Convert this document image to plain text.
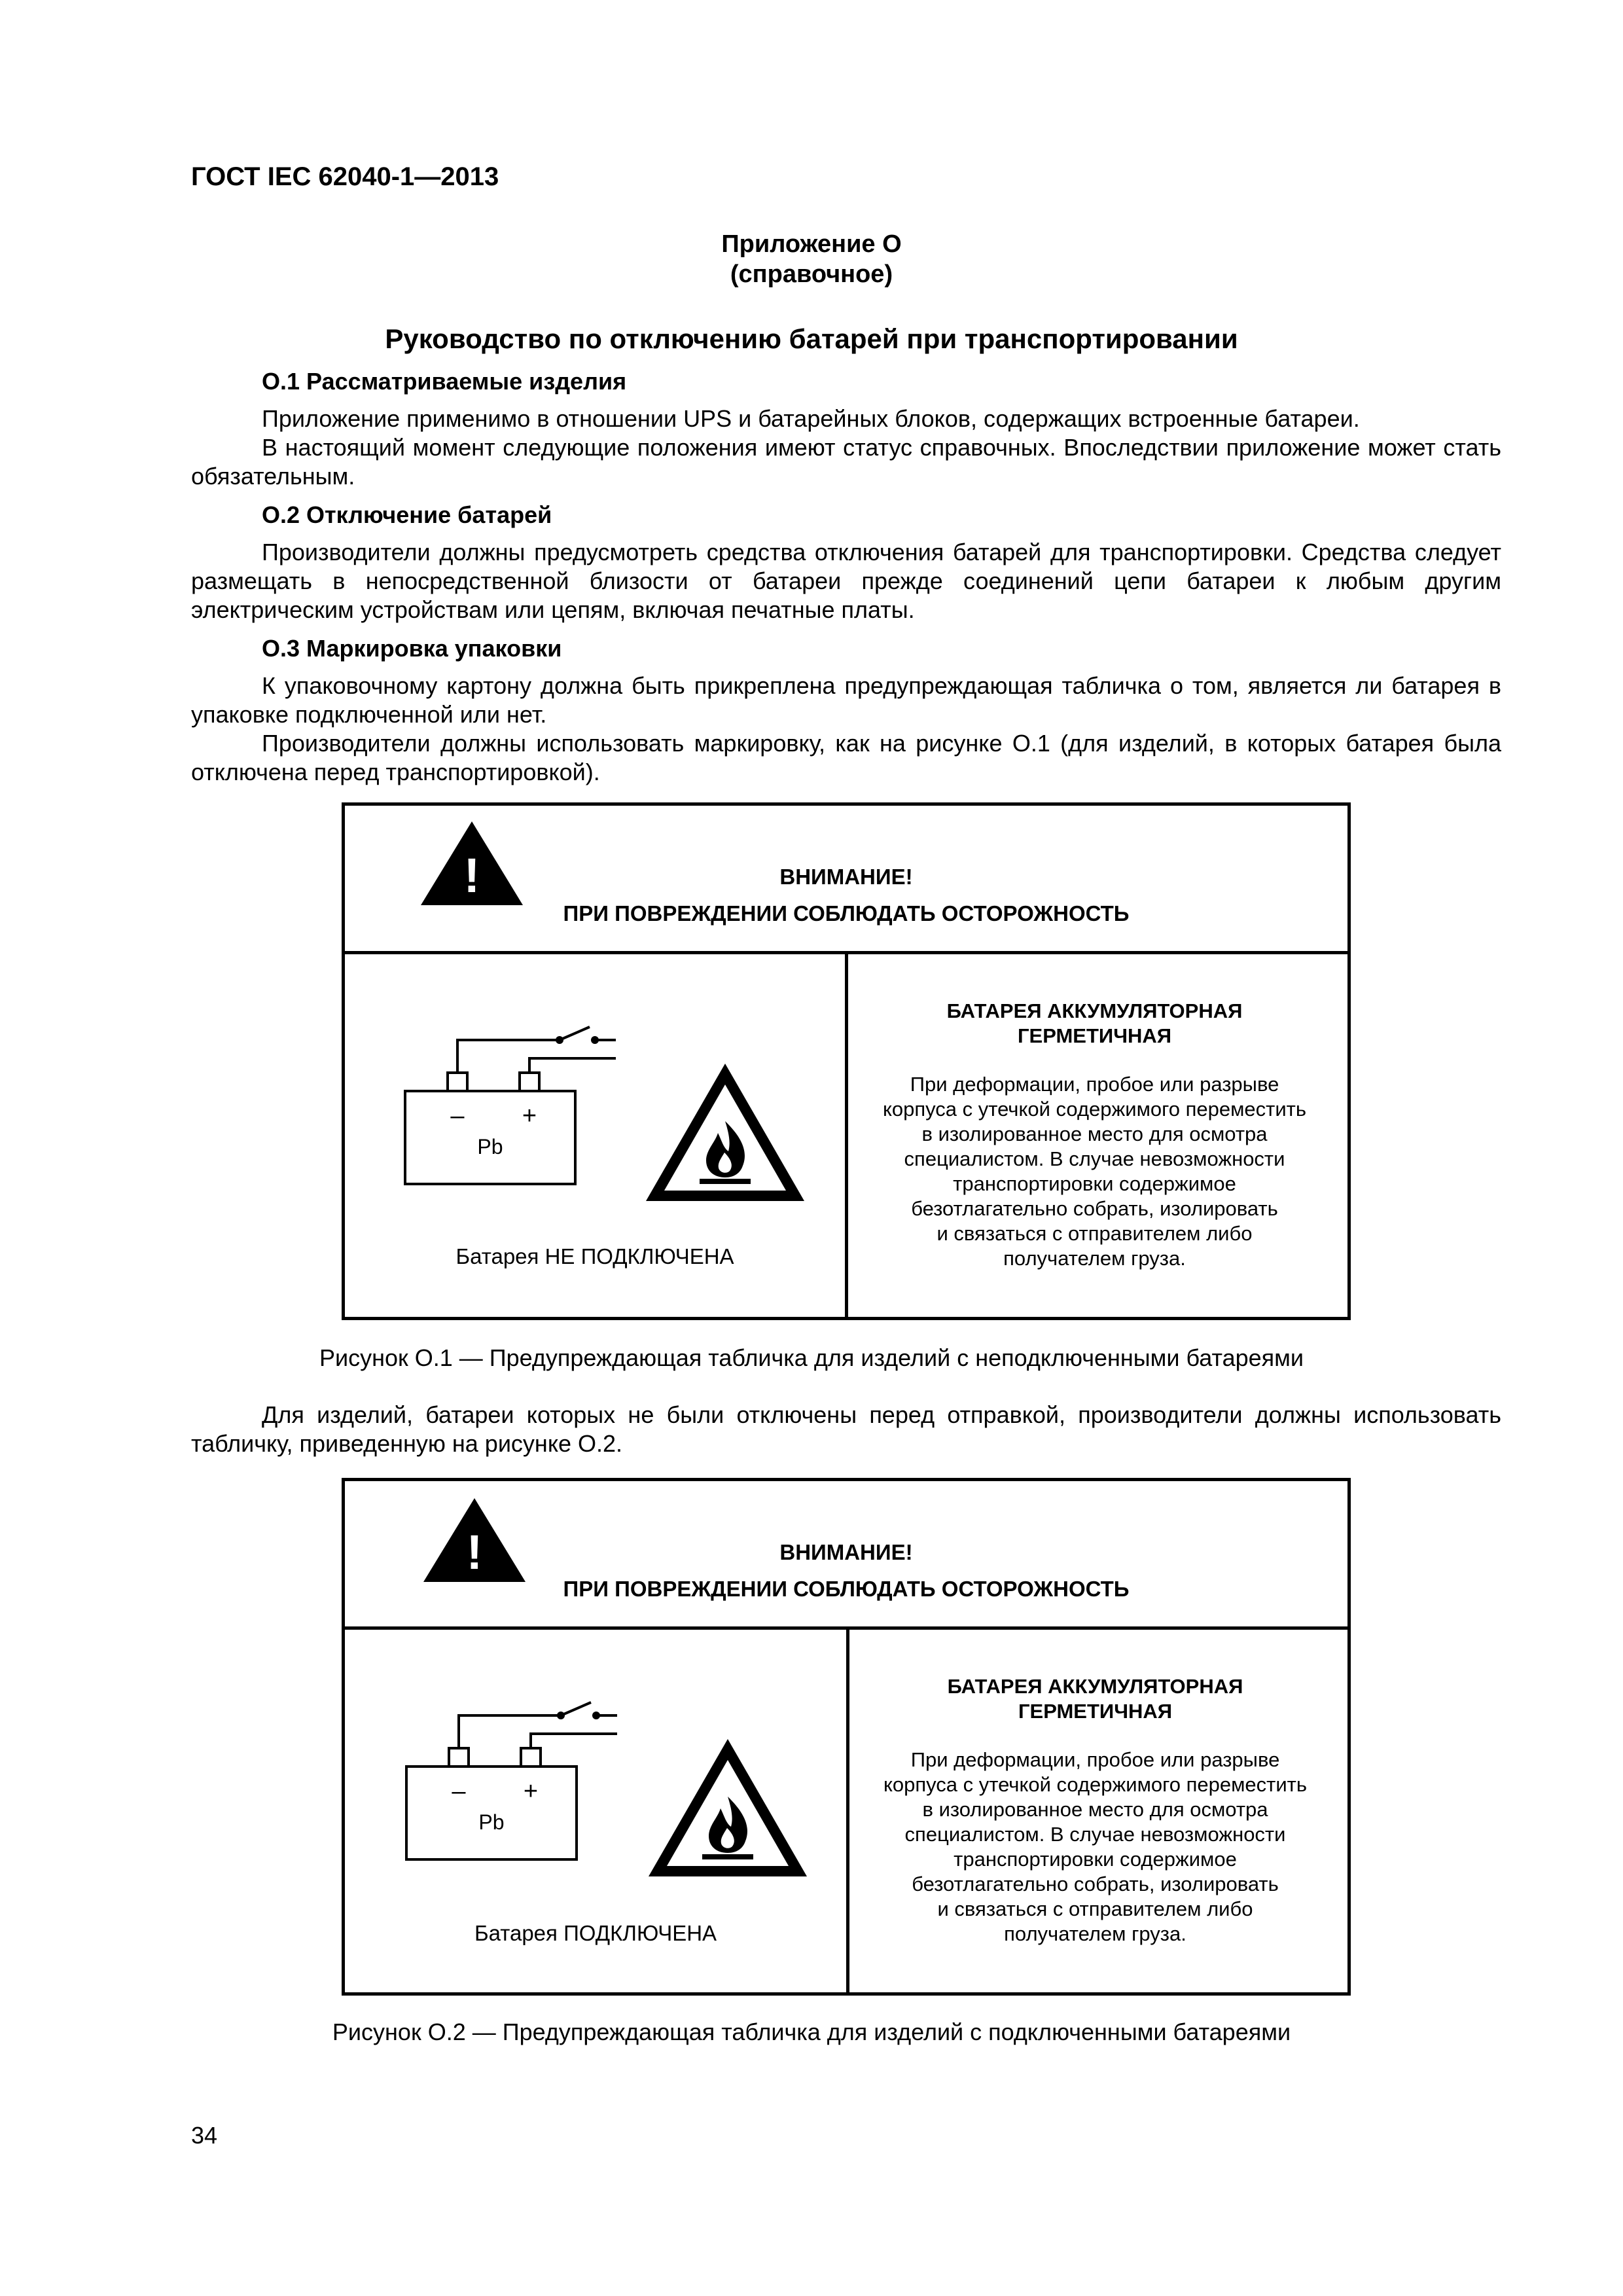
ГОСТ IEC 62040-1—2013
Приложение О
(справочное)
Руководство по отключению батарей при транспортировании
О.1 Рассматриваемые изделия
Приложение применимо в отношении UPS и батарейных блоков, содержащих встроенные батареи.
В настоящий момент следующие положения имеют статус справочных. Впоследствии приложение может стать обязательным.
О.2 Отключение батарей
Производители должны предусмотреть средства отключения батарей для транспортировки. Средства следует размещать в непосредственной близости от батареи прежде соединений цепи батареи к любым другим электрическим устройствам или цепям, включая печатные платы.
О.3 Маркировка упаковки
К упаковочному картону должна быть прикреплена предупреждающая табличка о том, является ли батарея в упаковке подключенной или нет.
Производители должны использовать маркировку, как на рисунке О.1 (для изделий, в которых батарея была отключена перед транспортировкой).
!	ВНИМАНИЕ!
ПРИ ПОВРЕЖДЕНИИ СОБЛЮДАТЬ ОСТОРОЖНОСТЬ
– +
Pb
Батарея НЕ ПОДКЛЮЧЕНА
БАТАРЕЯ АККУМУЛЯТОРНАЯ
ГЕРМЕТИЧНАЯ
При деформации, пробое или разрыве
корпуса с утечкой содержимого переместить
в изолированное место для осмотра
специалистом. В случае невозможности
транспортировки содержимое
безотлагательно собрать, изолировать
и связаться с отправителем либо
получателем груза.
Рисунок О.1 — Предупреждающая табличка для изделий с неподключенными батареями
Для изделий, батареи которых не были отключены перед отправкой, производители должны использовать табличку, приведенную на рисунке О.2.
!	ВНИМАНИЕ!
ПРИ ПОВРЕЖДЕНИИ СОБЛЮДАТЬ ОСТОРОЖНОСТЬ
– +
Pb
Батарея ПОДКЛЮЧЕНА
БАТАРЕЯ АККУМУЛЯТОРНАЯ
ГЕРМЕТИЧНАЯ
При деформации, пробое или разрыве
корпуса с утечкой содержимого переместить
в изолированное место для осмотра
специалистом. В случае невозможности
транспортировки содержимое
безотлагательно собрать, изолировать
и связаться с отправителем либо
получателем груза.
Рисунок О.2 — Предупреждающая табличка для изделий с подключенными батареями
34
